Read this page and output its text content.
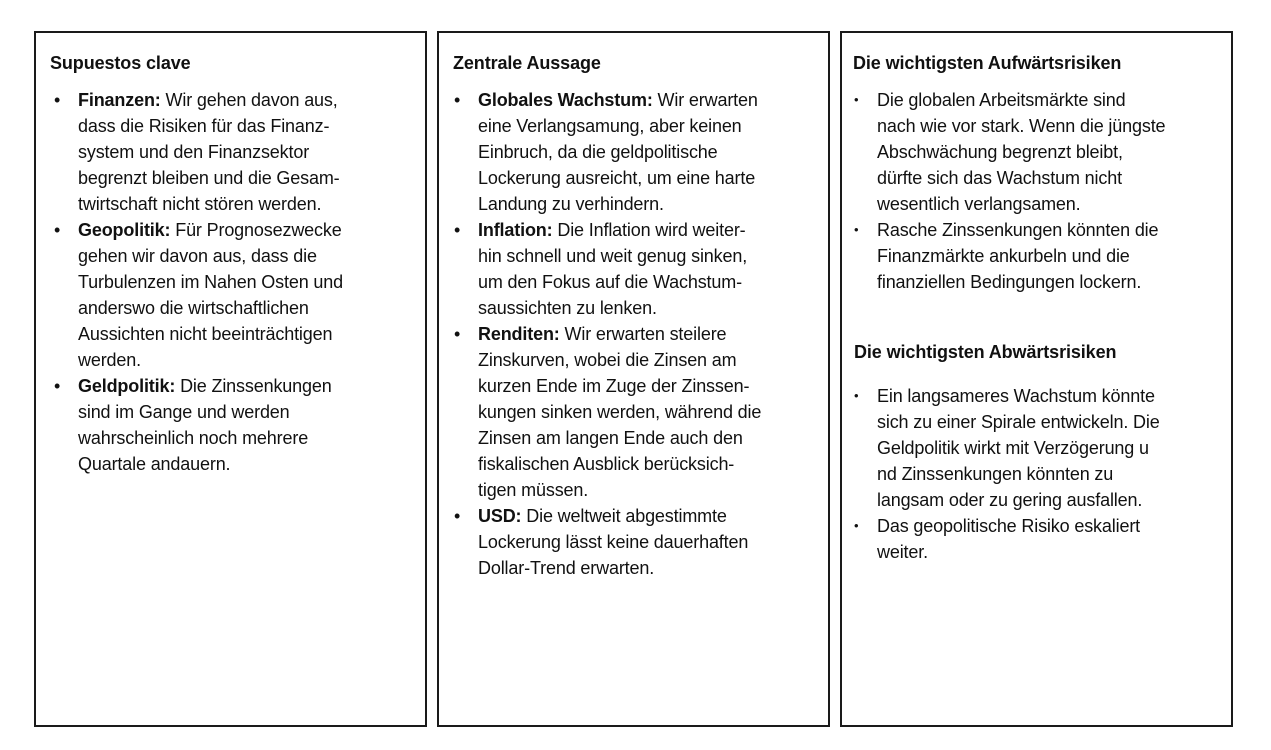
Supuestos clave
• Finanzen: Wir gehen davon aus,
dass die Risiken für das Finanz-
system und den Finanzsektor
begrenzt bleiben und die Gesam-
twirtschaft nicht stören werden.
• Geopolitik: Für Prognosezwecke
gehen wir davon aus, dass die
Turbulenzen im Nahen Osten und
anderswo die wirtschaftlichen
Aussichten nicht beeinträchtigen
werden.
• Geldpolitik: Die Zinssenkungen
sind im Gange und werden
wahrscheinlich noch mehrere
Quartale andauern.
Zentrale Aussage
• Globales Wachstum: Wir erwarten
eine Verlangsamung, aber keinen
Einbruch, da die geldpolitische
Lockerung ausreicht, um eine harte
Landung zu verhindern.
• Inflation: Die Inflation wird weiter-
hin schnell und weit genug sinken,
um den Fokus auf die Wachstum-
saussichten zu lenken.
• Renditen: Wir erwarten steilere
Zinskurven, wobei die Zinsen am
kurzen Ende im Zuge der Zinssen-
kungen sinken werden, während die
Zinsen am langen Ende auch den
fiskalischen Ausblick berücksich-
tigen müssen.
• USD: Die weltweit abgestimmte
Lockerung lässt keine dauerhaften
Dollar-Trend erwarten.
Die wichtigsten Aufwärtsrisiken
• Die globalen Arbeitsmärkte sind
nach wie vor stark. Wenn die jüngste
Abschwächung begrenzt bleibt,
dürfte sich das Wachstum nicht
wesentlich verlangsamen.
• Rasche Zinssenkungen könnten die
Finanzmärkte ankurbeln und die
finanziellen Bedingungen lockern.
Die wichtigsten Abwärtsrisiken
• Ein langsameres Wachstum könnte
sich zu einer Spirale entwickeln. Die
Geldpolitik wirkt mit Verzögerung u
nd Zinssenkungen könnten zu
langsam oder zu gering ausfallen.
• Das geopolitische Risiko eskaliert
weiter.
